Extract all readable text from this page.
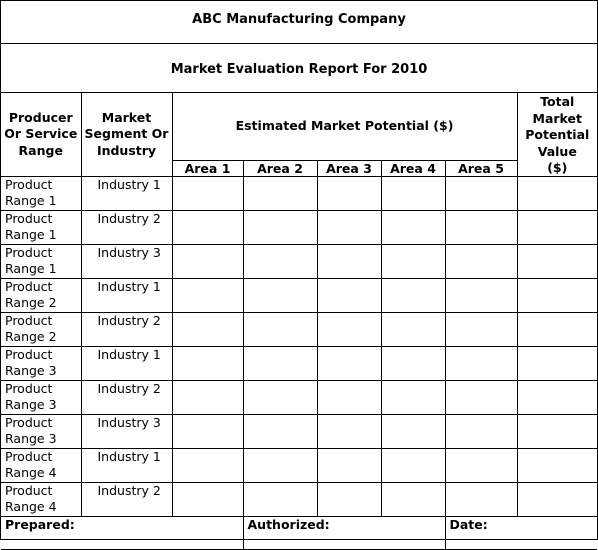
ABC Manufacturing Company
Market Evaluation Report For 2010
Producer Or Service Range	Market Segment Or Industry	Estimated Market Potential ($)					Total Market Potential Value
		Area 1	Area 2	Area 3	Area 4	Area 5	($)
Product Range 1	Industry 1						
Product Range 1	Industry 2						
Product Range 1	Industry 3						
Product Range 2	Industry 1						
Product Range 2	Industry 2						
Product Range 3	Industry 1						
Product Range 3	Industry 2						
Product Range 3	Industry 3						
Product Range 4	Industry 1						
Product Range 4	Industry 2						

Prepared:			Authorized:			Date:	
